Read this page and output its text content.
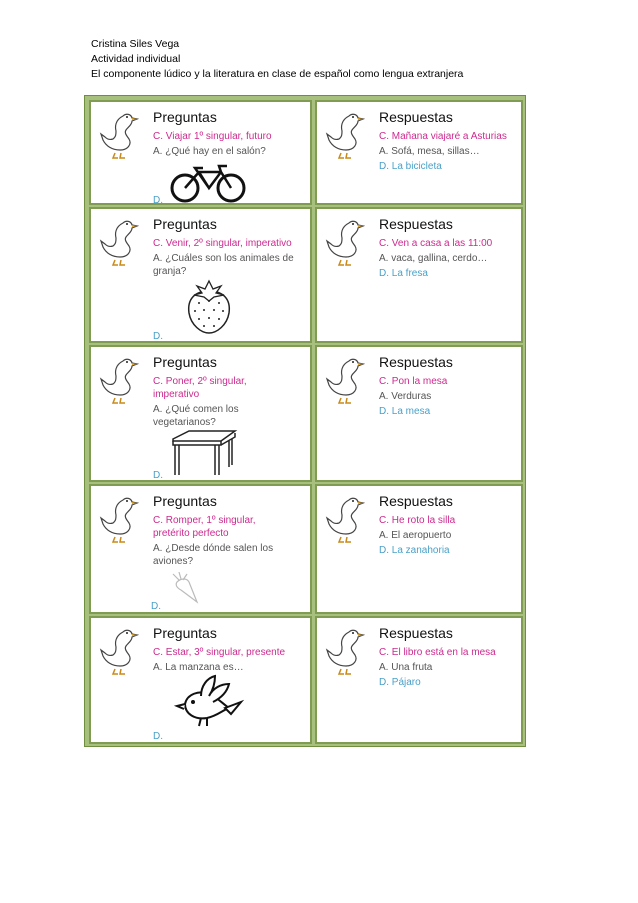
Cristina Siles Vega
Actividad individual
El componente lúdico y la literatura en clase de español como lengua extranjera
Preguntas
C. Viajar 1º singular, futuro
A. ¿Qué hay en el salón?
D.
Respuestas
C. Mañana viajaré a Asturias
A. Sofá, mesa, sillas…
D. La bicicleta
Preguntas
C. Venir, 2º singular, imperativo
A. ¿Cuáles son los animales de granja?
D.
Respuestas
C. Ven a casa a las 11:00
A. vaca, gallina, cerdo…
D. La fresa
Preguntas
C. Poner, 2º singular, imperativo
A. ¿Qué comen los vegetarianos?
D.
Respuestas
C. Pon la mesa
A. Verduras
D. La mesa
Preguntas
C. Romper, 1º singular, pretérito perfecto
A. ¿Desde dónde salen los aviones?
D.
Respuestas
C. He roto la silla
A. El aeropuerto
D. La zanahoria
Preguntas
C. Estar, 3º singular, presente
A. La manzana es…
D.
Respuestas
C. El libro está en la mesa
A. Una fruta
D. Pájaro
